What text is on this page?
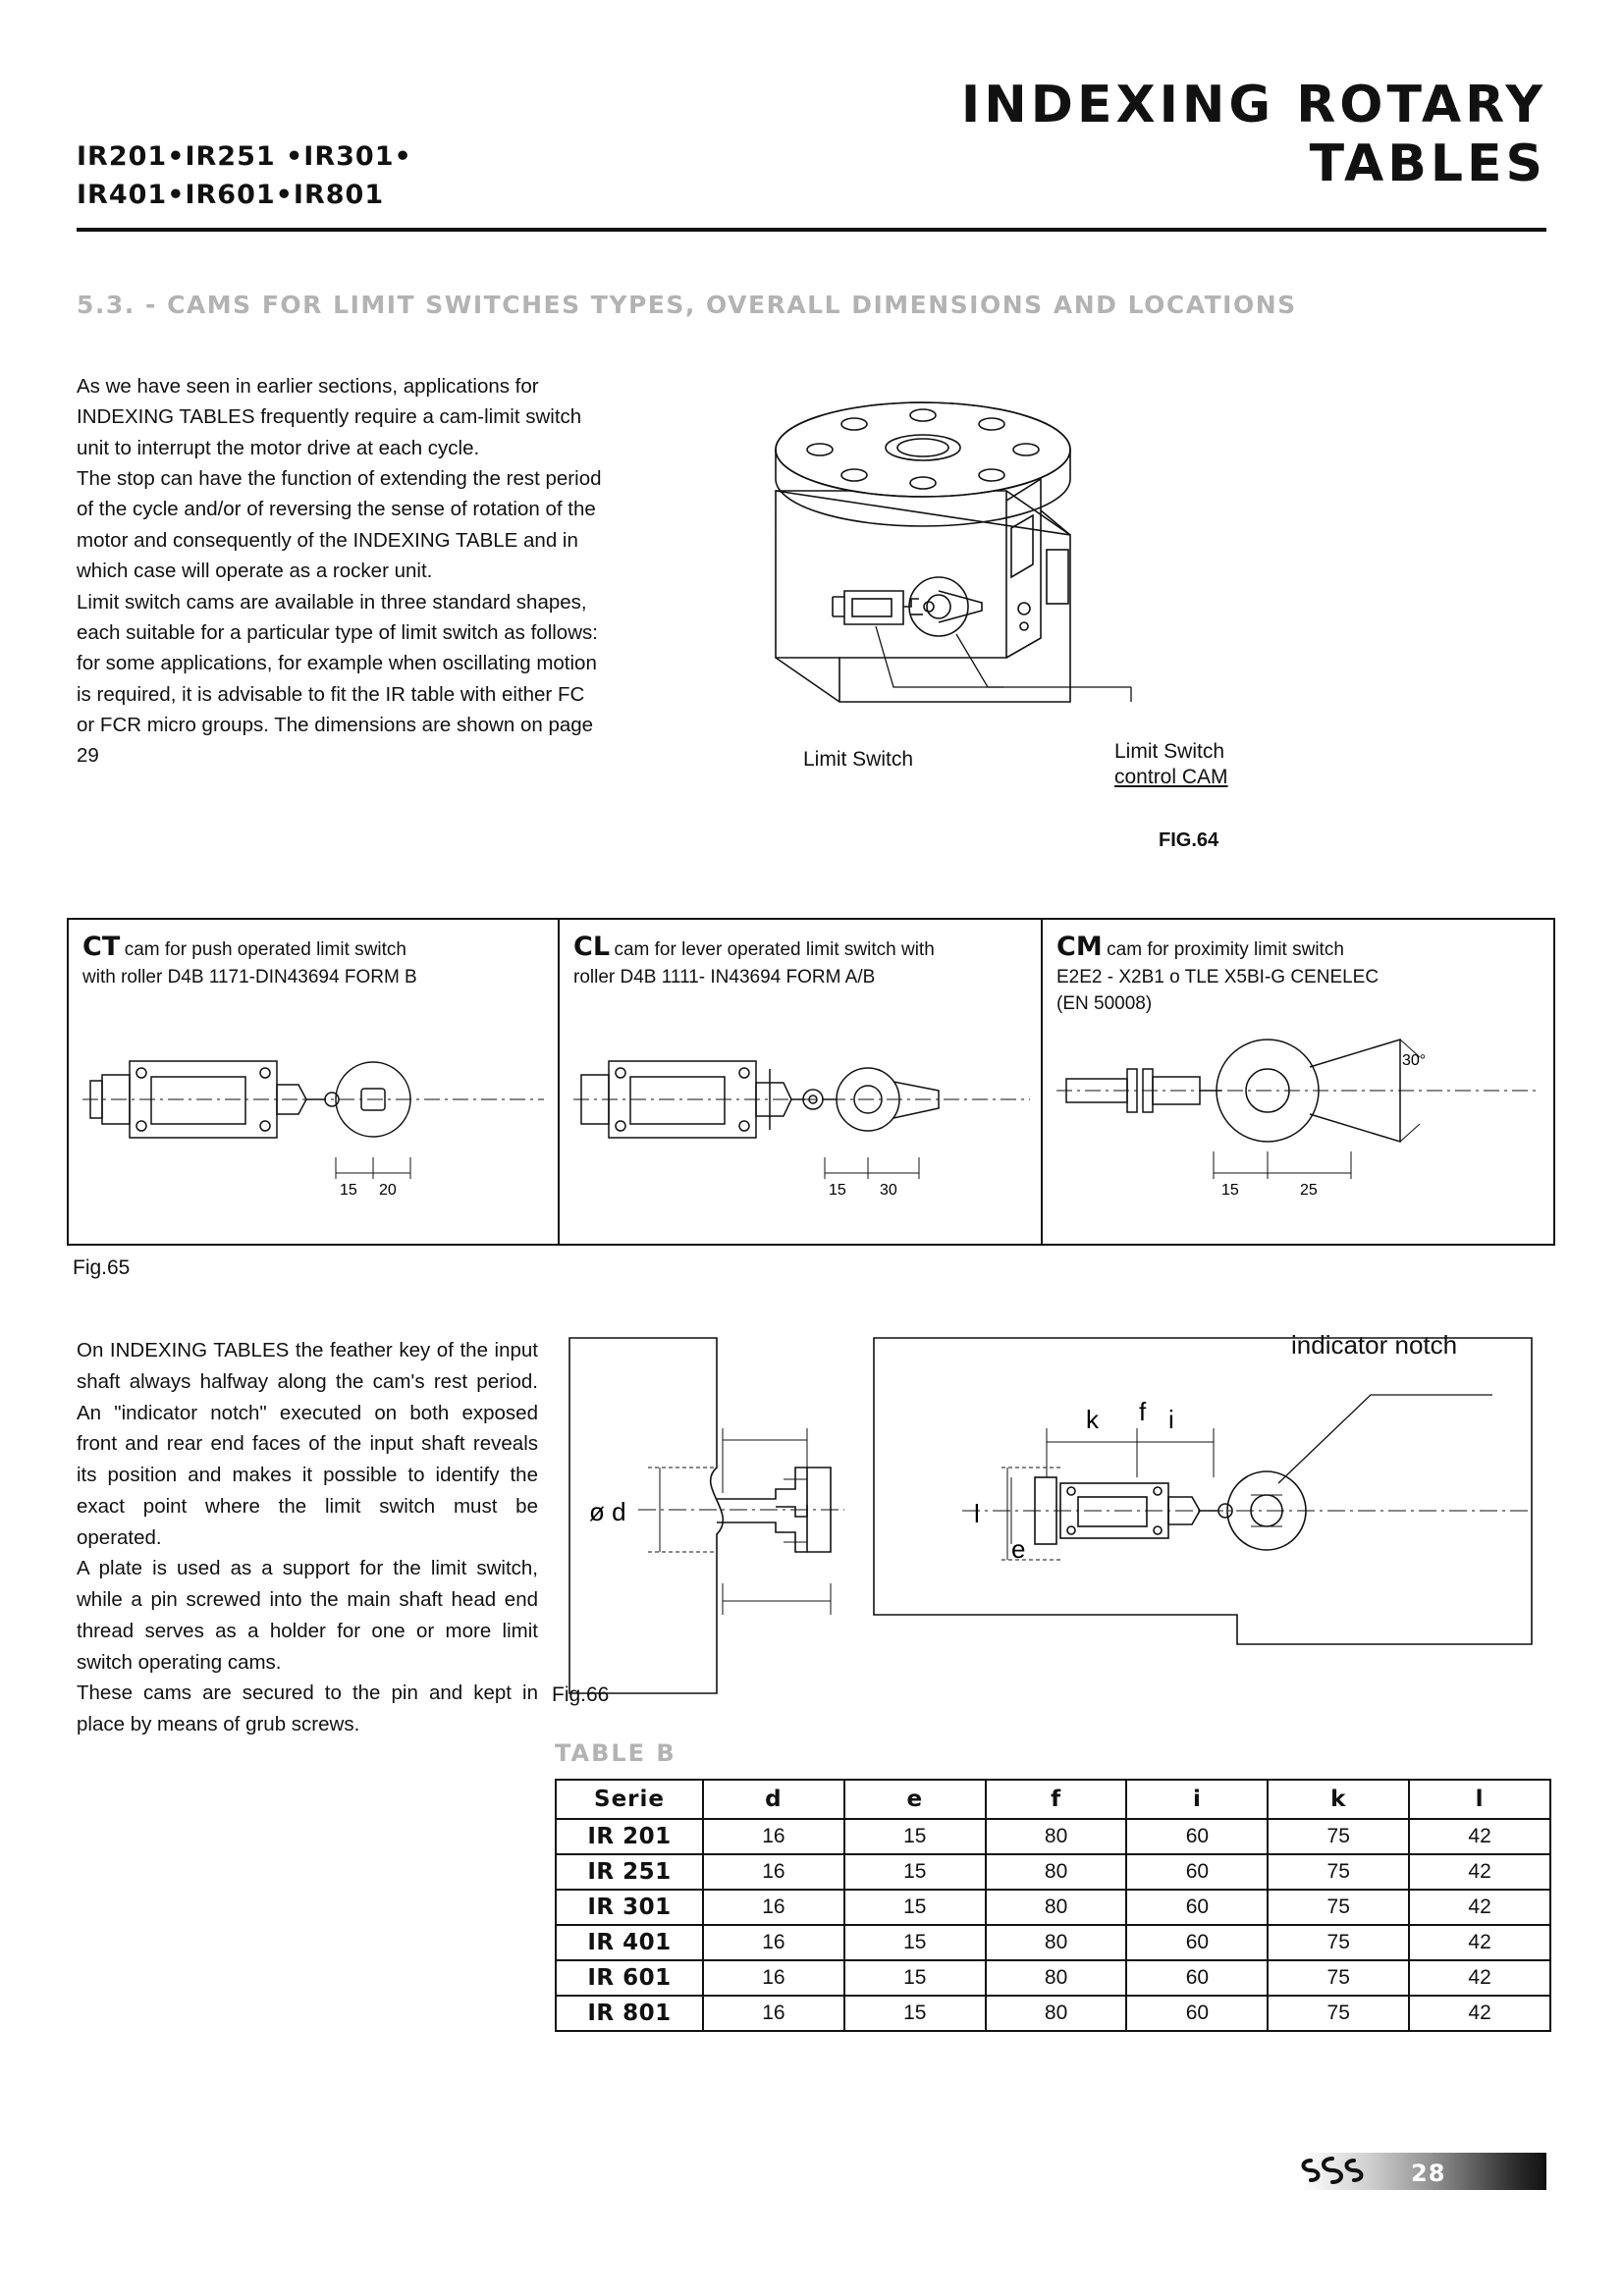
IR201•IR251 •IR301•
IR401•IR601•IR801
INDEXING ROTARY
TABLES
5.3. - CAMS FOR LIMIT SWITCHES TYPES, OVERALL DIMENSIONS AND LOCATIONS

As we have seen in earlier sections, applications for INDEXING TABLES frequently require a cam-limit switch unit to interrupt the motor drive at each cycle.
The stop can have the function of extending the rest period of the cycle and/or of reversing the sense of rotation of the motor and consequently of the INDEXING TABLE and in which case will operate as a rocker unit.
Limit switch cams are available in three standard shapes, each suitable for a particular type of limit switch as follows: for some applications, for example when oscillating motion is required, it is advisable to fit the IR table with either FC or FCR micro groups. The dimensions are shown on page 29	Limit Switch	Limit Switch
control CAM
FIG.64
CT cam for push operated limit switch
with roller D4B 1171-DIN43694 FORM B
15 20
CL cam for lever operated limit switch with
roller D4B 1111- IN43694 FORM A/B
15 30
CM cam for proximity limit switch
E2E2 - X2B1 o TLE X5BI-G CENELEC
(EN 50008)
15	25
30°
Fig.65

On INDEXING TABLES the feather key of the input shaft always halfway along the cam's rest period. An "indicator notch" executed on both exposed front and rear end faces of the input shaft reveals its position and makes it possible to identify the exact point where the limit switch must be operated.
A plate is used as a support for the limit switch, while a pin screwed into the main shaft head end thread serves as a holder for one or more limit switch operating cams.
These cams are secured to the pin and kept in place by means of grub screws.

indicator notch
f
e
ø d
k	i
l
Fig.66
TABLE B
Serie	d	e	f	i	k	l
IR 201	16	15	80	60	75	42
IR 251	16	15	80	60	75	42
IR 301	16	15	80	60	75	42
IR 401	16	15	80	60	75	42
IR 601	16	15	80	60	75	42
IR 801	16	15	80	60	75	42
28
